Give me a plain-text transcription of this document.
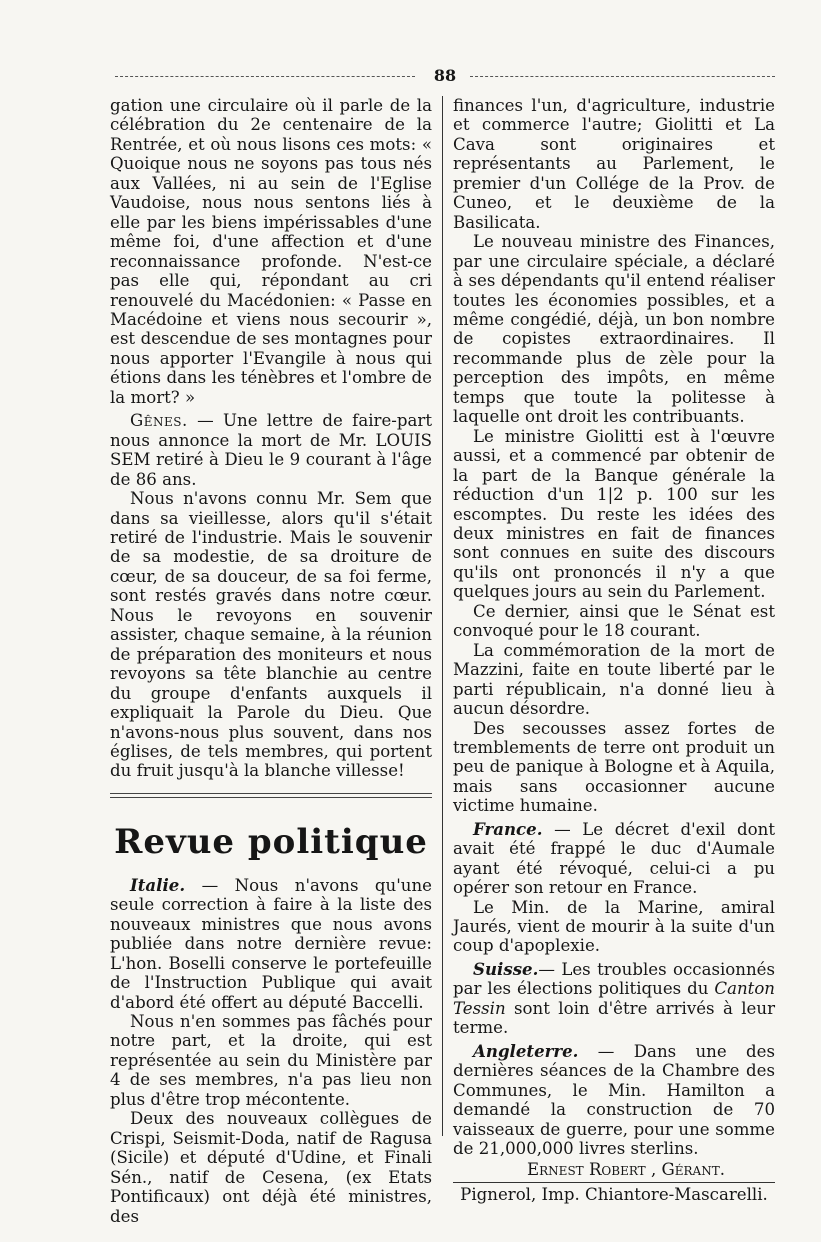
88

gation une circulaire où il parle de la célébration du 2e centenaire de la Rentrée, et où nous lisons ces mots: « Quoique nous ne soyons pas tous nés aux Vallées, ni au sein de l'Eglise Vaudoise, nous nous sentons liés à elle par les biens impérissables d'une même foi, d'une affection et d'une reconnaissance profonde. N'est-ce pas elle qui, répondant au cri renouvelé du Macédonien: « Passe en Macédoine et viens nous secourir », est descendue de ses montagnes pour nous apporter l'Evangile à nous qui étions dans les ténèbres et l'ombre de la mort? »

Gênes. — Une lettre de faire-part nous annonce la mort de Mr. LOUIS SEM retiré à Dieu le 9 courant à l'âge de 86 ans.

Nous n'avons connu Mr. Sem que dans sa vieillesse, alors qu'il s'était retiré de l'industrie. Mais le souvenir de sa modestie, de sa droiture de cœur, de sa douceur, de sa foi ferme, sont restés gravés dans notre cœur. Nous le revoyons en souvenir assister, chaque semaine, à la réunion de préparation des moniteurs et nous revoyons sa tête blanchie au centre du groupe d'enfants auxquels il expliquait la Parole du Dieu. Que n'avons-nous plus souvent, dans nos églises, de tels membres, qui portent du fruit jusqu'à la blanche villesse!

Revue politique

Italie. — Nous n'avons qu'une seule correction à faire à la liste des nouveaux ministres que nous avons publiée dans notre dernière revue: L'hon. Boselli conserve le portefeuille de l'Instruction Publique qui avait d'abord été offert au député Baccelli.

Nous n'en sommes pas fâchés pour notre part, et la droite, qui est représentée au sein du Ministère par 4 de ses membres, n'a pas lieu non plus d'être trop mécontente.

Deux des nouveaux collègues de Crispi, Seismit-Doda, natif de Ragusa (Sicile) et député d'Udine, et Finali Sén., natif de Cesena, (ex Etats Pontificaux) ont déjà été ministres, des

finances l'un, d'agriculture, industrie et commerce l'autre; Giolitti et La Cava sont originaires et représentants au Parlement, le premier d'un Collége de la Prov. de Cuneo, et le deuxième de la Basilicata.

Le nouveau ministre des Finances, par une circulaire spéciale, a déclaré à ses dépendants qu'il entend réaliser toutes les économies possibles, et a même congédié, déjà, un bon nombre de copistes extraordinaires. Il recommande plus de zèle pour la perception des impôts, en même temps que toute la politesse à laquelle ont droit les contribuants.

Le ministre Giolitti est à l'œuvre aussi, et a commencé par obtenir de la part de la Banque générale la réduction d'un 1|2 p. 100 sur les escomptes. Du reste les idées des deux ministres en fait de finances sont connues en suite des discours qu'ils ont prononcés il n'y a que quelques jours au sein du Parlement.

Ce dernier, ainsi que le Sénat est convoqué pour le 18 courant.

La commémoration de la mort de Mazzini, faite en toute liberté par le parti républicain, n'a donné lieu à aucun désordre.

Des secousses assez fortes de tremblements de terre ont produit un peu de panique à Bologne et à Aquila, mais sans occasionner aucune victime humaine.

France. — Le décret d'exil dont avait été frappé le duc d'Aumale ayant été révoqué, celui-ci a pu opérer son retour en France.

Le Min. de la Marine, amiral Jaurés, vient de mourir à la suite d'un coup d'apoplexie.

Suisse.— Les troubles occasionnés par les élections politiques du Canton Tessin sont loin d'être arrivés à leur terme.

Angleterre. — Dans une des dernières séances de la Chambre des Communes, le Min. Hamilton a demandé la construction de 70 vaisseaux de guerre, pour une somme de 21,000,000 livres sterlins.

Ernest Robert , Gérant.
Pignerol, Imp. Chiantore-Mascarelli.
